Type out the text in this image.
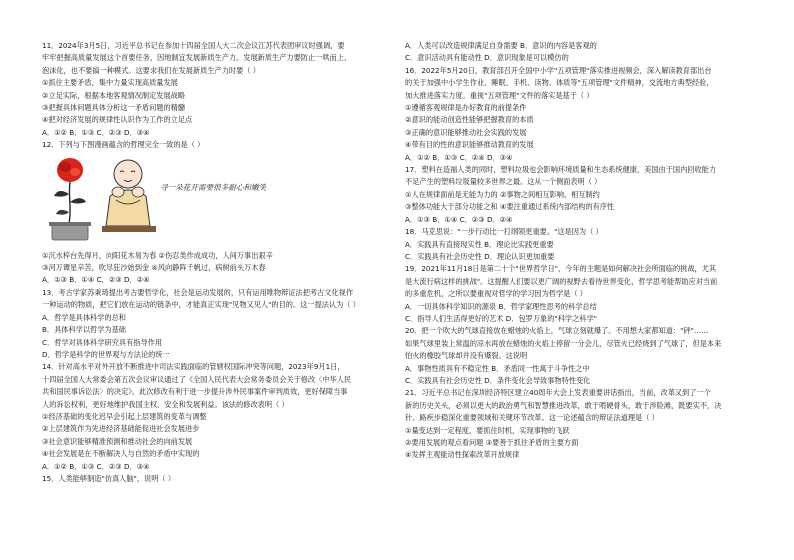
11．2024年3月5日，习近平总书记在参加十四届全国人大二次会议江苏代表团审议时强调，要
牢牢把握高质量发展这个首要任务，因地制宜发展新质生产力。发展新质生产力要防止一哄而上、
泡沫化，也不要搞一种模式。这要求我们在发展新质生产力时要（ ）
①抓住主要矛盾，集中力量实现高质量发展
②立足实际，根据本地客观情况制定发展战略
③把握具体问题具体分析这一矛盾问题的精髓
④把对经济发展的规律性认识作为工作的立足点
A．①② B．①③ C．②③ D．③④
12．下列与下图漫画蕴含的哲理完全一致的是（ ）
寻一朵花开需要很多耐心和嫩笑
①沉水梓台先得月，向阳花木易为春 ②伤忍类作成成功，人间万事出艰辛
③河万谭星辛苦，吹尽狂沙始到金 ④风向静阵千帆过，病树前头万木春
A．①③ B．①④ C．②③ D．②④
13．考古学家苏秉琦提出考古要哲学化，社会是运动发展的，只有运用唯物辩证法把考古文化视作
一种运动的物质，把它们放在运动的链条中，才能真正实现"见物又见人"的目的。这一提法认为（ ）
A．哲学是具体科学的总和
B．具体科学以哲学为基础
C．哲学对具体科学研究具有指导作用
D．哲学是科学的世界观与方法论的统一
14．针对高水平对外开放不断推进中司法实践面临的管辖权国际冲突等问题，2023年9月1日，
十四届全国人大常委会第五次会议审议通过了《全国人民代表大会常务委员会关于修改〈中华人民
共和国民事诉讼法〉的决定》。此次修改有利于进一步提升涉外民事案件审判质效，更好保障当事
人的诉讼权利，更好地维护我国主权、安全和发展利益。该法的修改表明（ ）
①经济基础的变化迟早会引起上层建筑的变革与调整
②上层建筑作为先进经济基础能促进社会发展进步
③社会意识能够精准预测和推动社会的向前发展
④社会发展是在不断解决人与自然的矛盾中实现的
A．①② B．①③ C．②③ D．③④
15．人类能够制造"仿真人脑"，说明（ ）
A．人类可以改造规律满足自身需要 B．意识的内容是客观的
C．意识活动具有能动性 D．意识现象是可以模仿的
16．2022年5月20日，教育部召开全国中小学"五项管理"落实推进视频会，深入解读教育部出台
的关于加强中小学生作业、睡眠、手机、读物、体质等"五项管理"文件精神，交流地方典型经验，
加大推进落实力度。重视"五项管理"文件的落实是基于（ ）
①遵循客观规律是办好教育的前提条件
②意识的能动创造性能够把握教育的本质
③正确的意识能够推动社会实践的发展
④带有目的性的意识能够推动教育的发展
A．①② B．①③ C．②④ D．③④
17．塑料在造福人类的同时，塑料垃圾也会影响环境质量和生态系统健康，美国由于国内回收能力
不足产生的塑料垃圾量较多世界之最。这从一个侧面表明（ ）
①人在规律面前是无能为力的 ②事物之间相互影响、相互制约
③整体功能大于部分功能之和 ④要注重通过系统内部结构的有序性
A．①③ B．①④ C．②③ D．②④
18．马克思说："一步行动比一打纲领更重要。"这是因为（ ）
A．实践具有直接现实性 B．理论比实践更重要
C．实践具有社会历史性 D．理论认识更加重要
19．2021年11月18日是第二十个"世界哲学日"，今年的主题是如何解决社会所面临的挑战，尤其
是大流行病这样的挑战"。这提醒人们要以更广阔的视野去看待世界变化，哲学思考能帮助应对当前
的多重危机，之所以要重视对哲学的学习因为哲学是（ ）
A．一切具体科学知识的源泉 B．哲学家理性思考的科学总结
C．指导人们生活得更好的艺术 D．包罗万象的"科学之科学"
20．把一个吹大的气球直接放在蜡烛的火焰上，气球立刻就爆了。不用想大家都知道："砰"……
如果气球里装上常温的凉水再放在蜡烛的火焰上停留一分会儿，尽管火已经烧到了气球了，但是本来
怕火的橡胶气球却并没有爆裂。这说明
A．事物性质具有不稳定性 B．矛盾同一性寓于斗争性之中
C．实践具有社会历史性 D．条件变化会导致事物特性变化
21．习近平总书记在深圳经济特区建立40周年大会上发表重要讲话指出，当前，改革又到了一个
新的历史关头，必须以更大的政治勇气和智慧推进改革，敢于啃硬骨头，敢于涉险滩，既要实不，决
针、路疾步稳深化重要领域和关键环节改革。这一论述蕴含的辩证法道理是（ ）
①量变达到一定程度，要抓住时机，实现事物的飞跃
②要用发展的观点看问题 ③要善于抓住矛盾的主要方面
④发挥主观能动性探索改革开放规律
